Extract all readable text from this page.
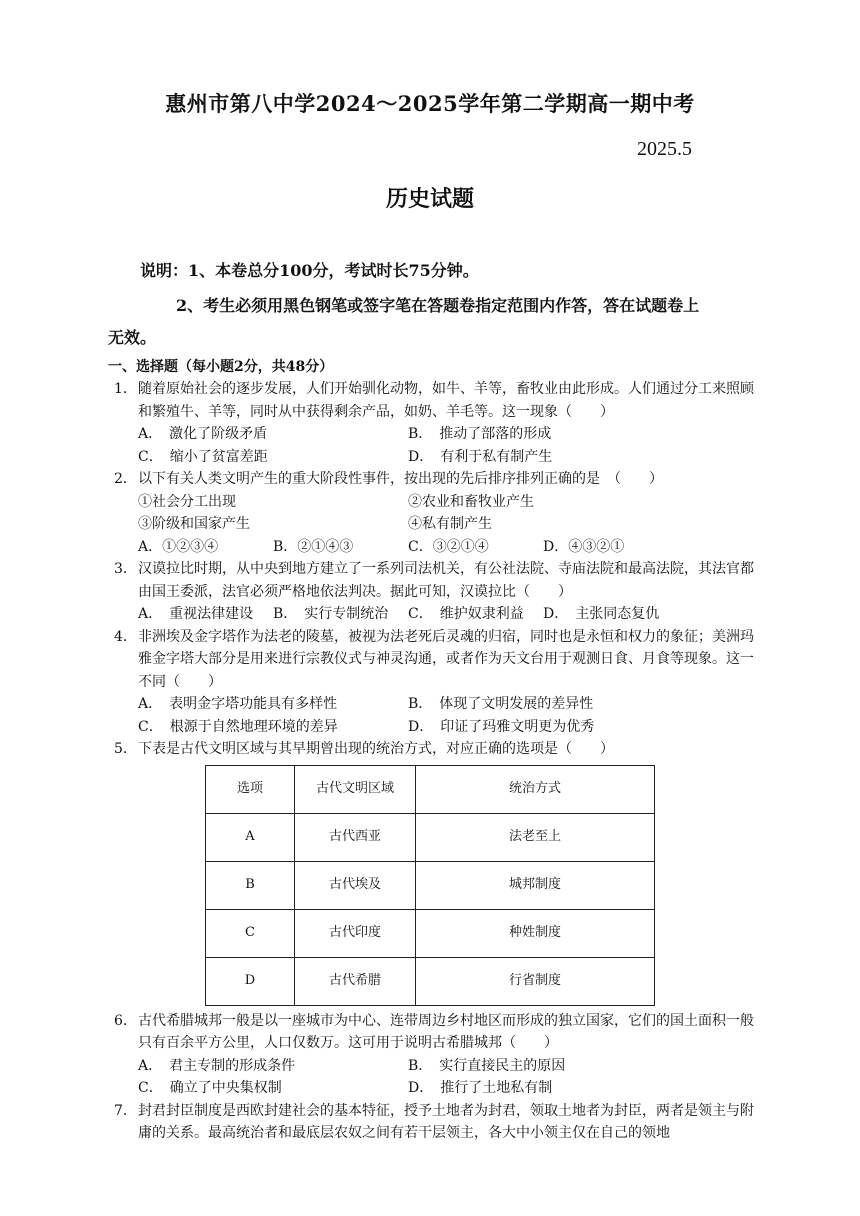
惠州市第八中学2024～2025学年第二学期高一期中考
2025.5
历史试题
说明：1、本卷总分100分，考试时长75分钟。
2、考生必须用黑色钢笔或签字笔在答题卷指定范围内作答，答在试题卷上
无效。
一、选择题（每小题2分，共48分）
1． 随着原始社会的逐步发展，人们开始驯化动物，如牛、羊等，畜牧业由此形成。人们通过分工来照顾和繁殖牛、羊等，同时从中获得剩余产品，如奶、羊毛等。这一现象（　　）
A．　激化了阶级矛盾	B．　推动了部落的形成
C．　缩小了贫富差距	D．　有利于私有制产生
2． 以下有关人类文明产生的重大阶段性事件，按出现的先后排序排列正确的是　（　　）
①社会分工出现	②农业和畜牧业产生
③阶级和国家产生	④私有制产生
A．①②③④	B．②①④③	C．③②①④	D．④③②①
3． 汉谟拉比时期，从中央到地方建立了一系列司法机关，有公社法院、寺庙法院和最高法院，其法官都由国王委派，法官必须严格地依法判决。据此可知，汉谟拉比（　　）
A．　重视法律建设	B．　实行专制统治	C．　维护奴隶利益	D．　主张同态复仇
4． 非洲埃及金字塔作为法老的陵墓，被视为法老死后灵魂的归宿，同时也是永恒和权力的象征；美洲玛雅金字塔大部分是用来进行宗教仪式与神灵沟通，或者作为天文台用于观测日食、月食等现象。这一不同（　　）
A．　表明金字塔功能具有多样性	B．　体现了文明发展的差异性
C．　根源于自然地理环境的差异	D．　印证了玛雅文明更为优秀
5． 下表是古代文明区域与其早期曾出现的统治方式，对应正确的选项是（　　）
选项	古代文明区域	统治方式
A	古代西亚	法老至上
B	古代埃及	城邦制度
C	古代印度	种姓制度
D	古代希腊	行省制度
6． 古代希腊城邦一般是以一座城市为中心、连带周边乡村地区而形成的独立国家，它们的国土面积一般只有百余平方公里，人口仅数万。这可用于说明古希腊城邦（　　）
A．　君主专制的形成条件	B．　实行直接民主的原因
C．　确立了中央集权制	D．　推行了土地私有制
7． 封君封臣制度是西欧封建社会的基本特征，授予土地者为封君，领取土地者为封臣，两者是领主与附庸的关系。最高统治者和最底层农奴之间有若干层领主，各大中小领主仅在自己的领地
